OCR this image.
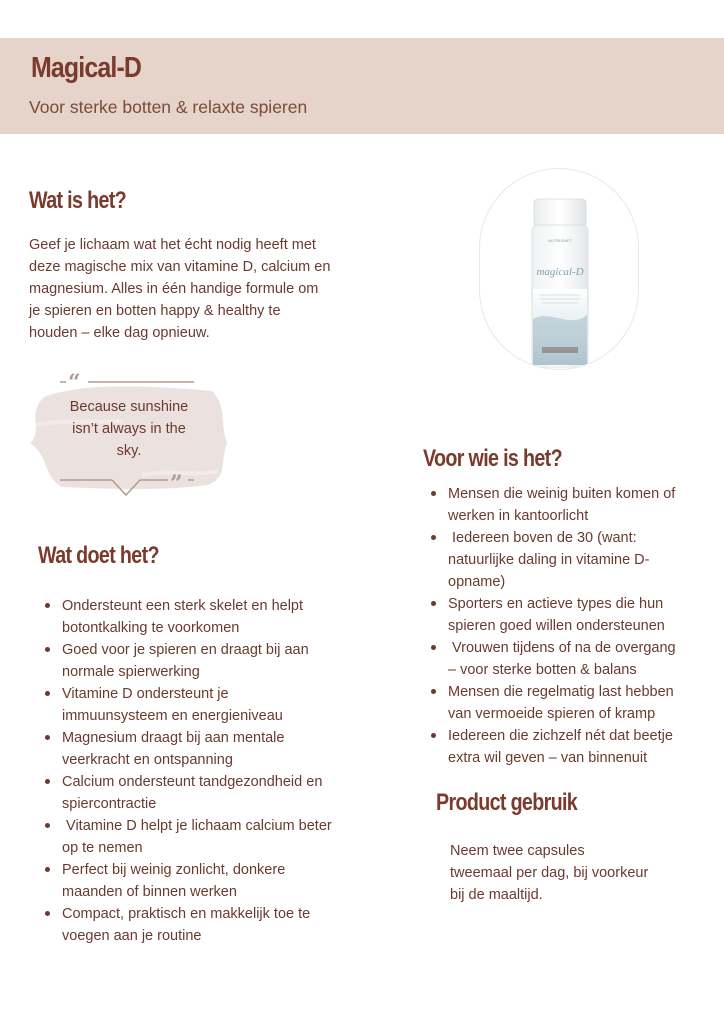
Magical-D
Voor sterke botten & relaxte spieren
Wat is het?
Geef je lichaam wat het écht nodig heeft met
deze magische mix van vitamine D, calcium en
magnesium. Alles in één handige formule om
je spieren en botten happy & healthy te
houden – elke dag opnieuw.
“
”
Because sunshine
isn’t always in the
sky.
Wat doet het?
Ondersteunt een sterk skelet en helpt
botontkalking te voorkomen
Goed voor je spieren en draagt bij aan
normale spierwerking
Vitamine D ondersteunt je
immuunsysteem en energieniveau
Magnesium draagt bij aan mentale
veerkracht en ontspanning
Calcium ondersteunt tandgezondheid en
spiercontractie
Vitamine D helpt je lichaam calcium beter
op te nemen
Perfect bij weinig zonlicht, donkere
maanden of binnen werken
Compact, praktisch en makkelijk toe te
voegen aan je routine
NUTRISHIFT
magical-D
Voor wie is het?
Mensen die weinig buiten komen of
werken in kantoorlicht
Iedereen boven de 30 (want:
natuurlijke daling in vitamine D-
opname)
Sporters en actieve types die hun
spieren goed willen ondersteunen
Vrouwen tijdens of na de overgang
– voor sterke botten & balans
Mensen die regelmatig last hebben
van vermoeide spieren of kramp
Iedereen die zichzelf nét dat beetje
extra wil geven – van binnenuit
Product gebruik
Neem twee capsules
tweemaal per dag, bij voorkeur
bij de maaltijd.
